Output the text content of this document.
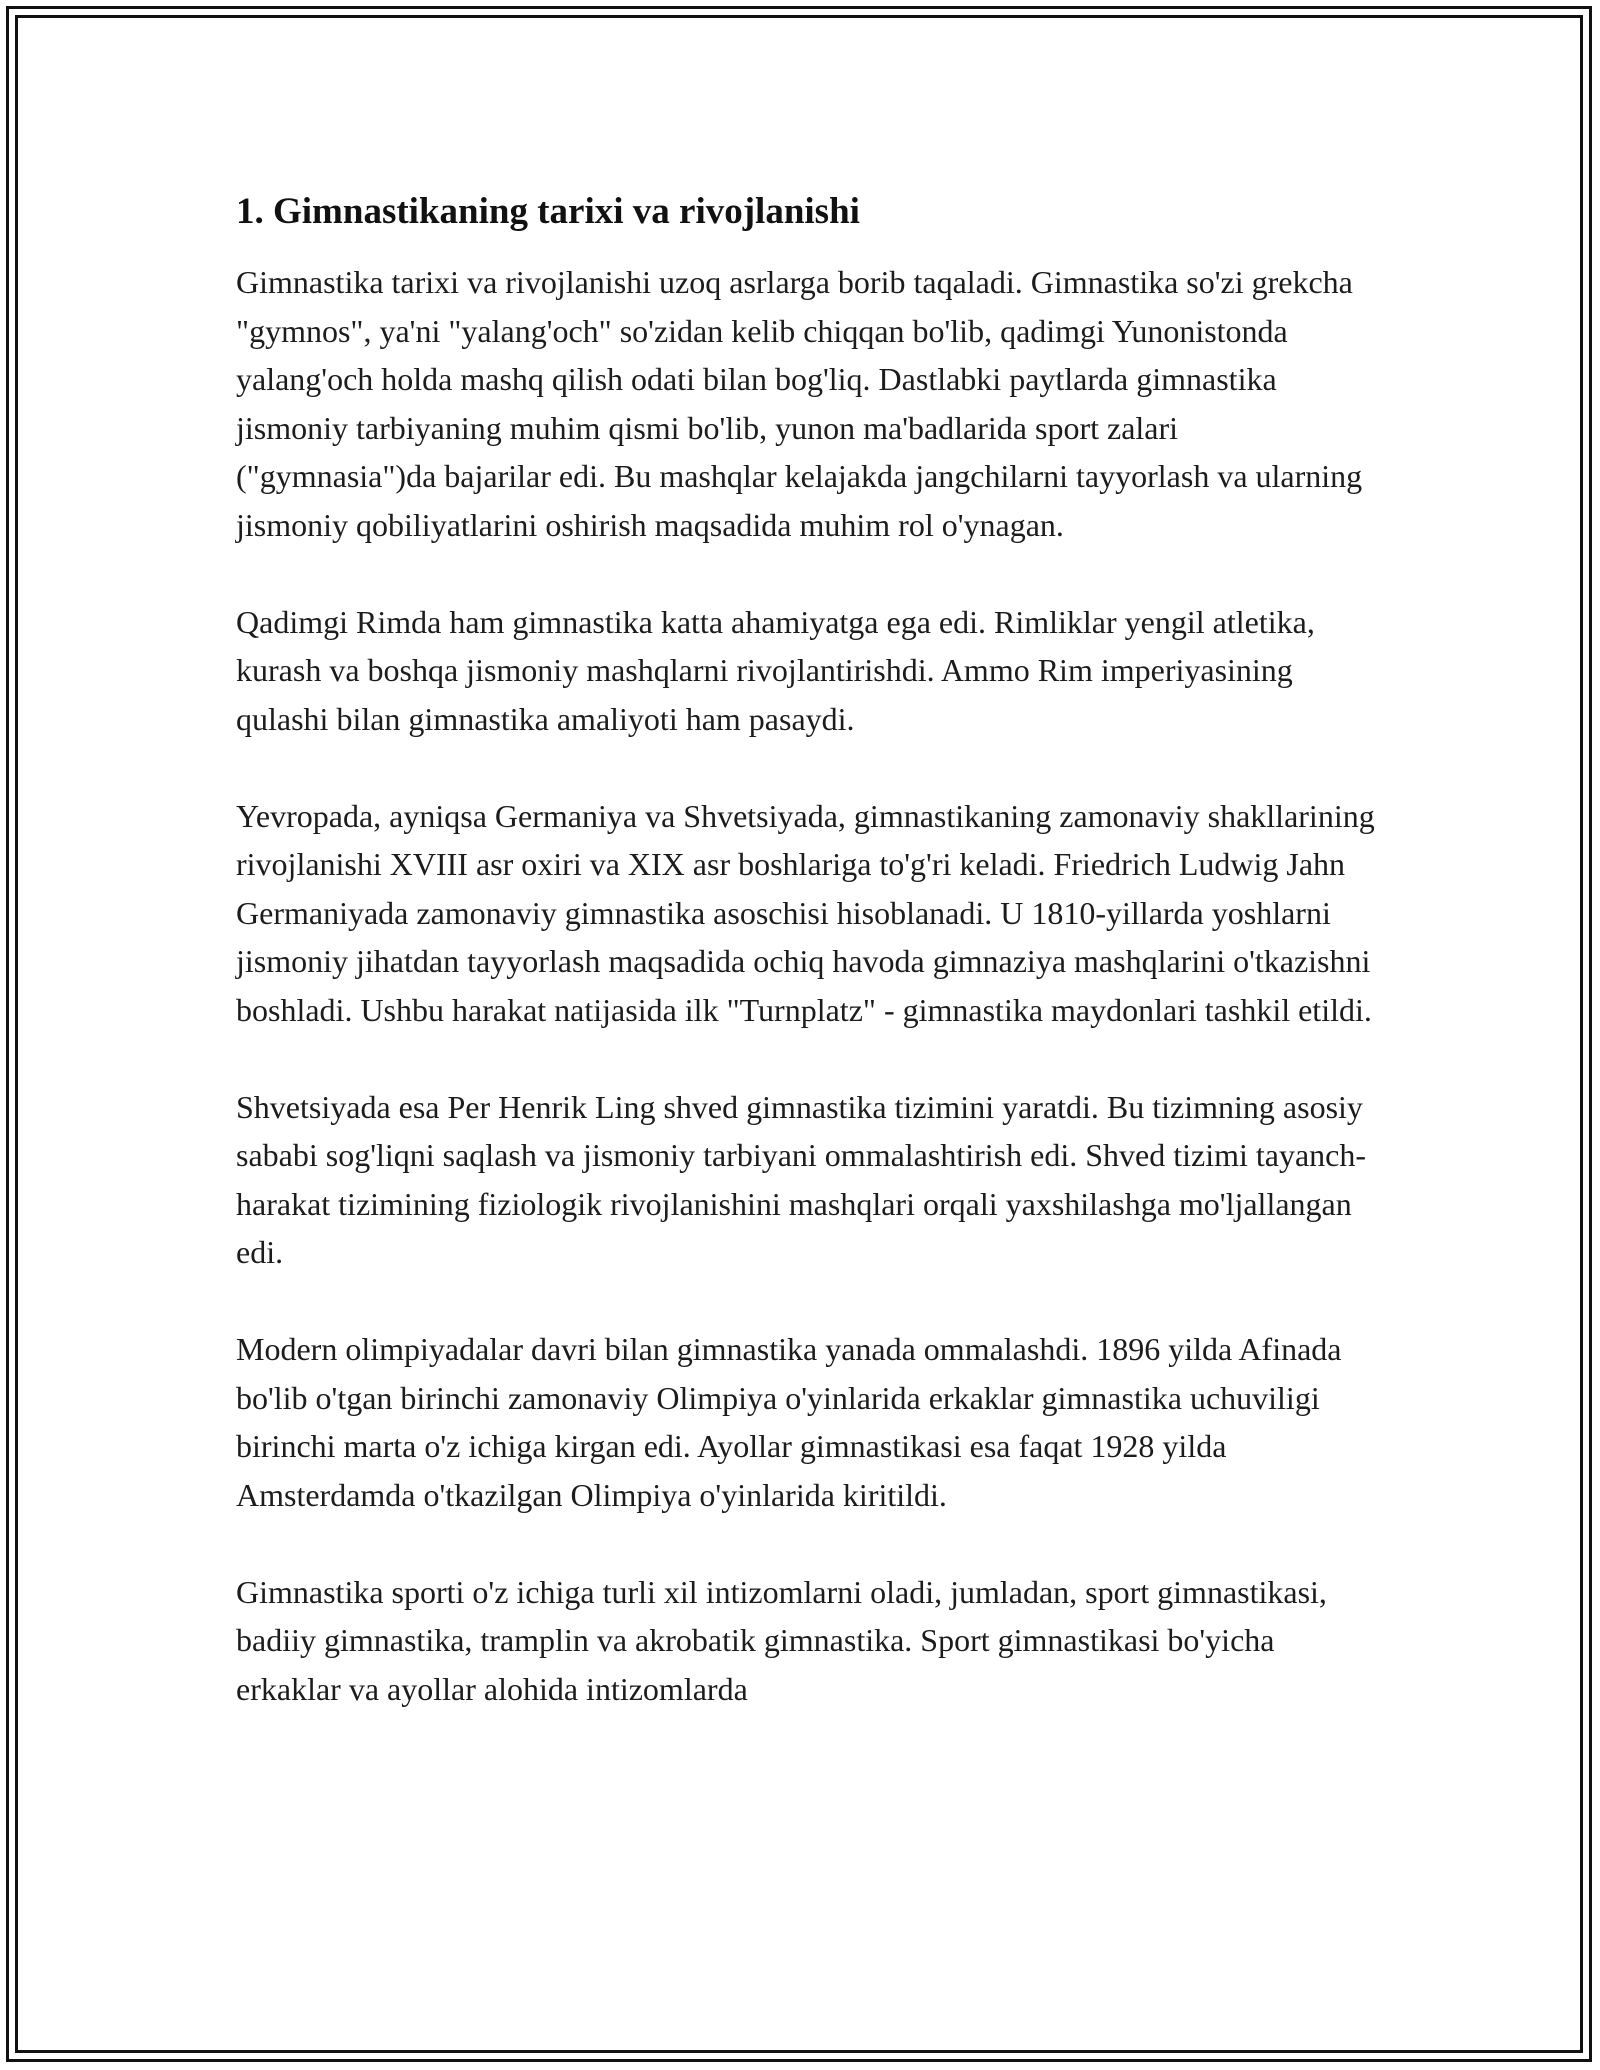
1. Gimnastikaning tarixi va rivojlanishi

Gimnastika tarixi va rivojlanishi uzoq asrlarga borib taqaladi. Gimnastika so'zi grekcha "gymnos", ya'ni "yalang'och" so'zidan kelib chiqqan bo'lib, qadimgi Yunonistonda yalang'och holda mashq qilish odati bilan bog'liq. Dastlabki paytlarda gimnastika jismoniy tarbiyaning muhim qismi bo'lib, yunon ma'badlarida sport zalari ("gymnasia")da bajarilar edi. Bu mashqlar kelajakda jangchilarni tayyorlash va ularning jismoniy qobiliyatlarini oshirish maqsadida muhim rol o'ynagan.

Qadimgi Rimda ham gimnastika katta ahamiyatga ega edi. Rimliklar yengil atletika, kurash va boshqa jismoniy mashqlarni rivojlantirishdi. Ammo Rim imperiyasining qulashi bilan gimnastika amaliyoti ham pasaydi.

Yevropada, ayniqsa Germaniya va Shvetsiyada, gimnastikaning zamonaviy shakllarining rivojlanishi XVIII asr oxiri va XIX asr boshlariga to'g'ri keladi. Friedrich Ludwig Jahn Germaniyada zamonaviy gimnastika asoschisi hisoblanadi. U 1810-yillarda yoshlarni jismoniy jihatdan tayyorlash maqsadida ochiq havoda gimnaziya mashqlarini o'tkazishni boshladi. Ushbu harakat natijasida ilk "Turnplatz" - gimnastika maydonlari tashkil etildi.

Shvetsiyada esa Per Henrik Ling shved gimnastika tizimini yaratdi. Bu tizimning asosiy sababi sog'liqni saqlash va jismoniy tarbiyani ommalashtirish edi. Shved tizimi tayanch-harakat tizimining fiziologik rivojlanishini mashqlari orqali yaxshilashga mo'ljallangan edi.

Modern olimpiyadalar davri bilan gimnastika yanada ommalashdi. 1896 yilda Afinada bo'lib o'tgan birinchi zamonaviy Olimpiya o'yinlarida erkaklar gimnastika uchuviligi birinchi marta o'z ichiga kirgan edi. Ayollar gimnastikasi esa faqat 1928 yilda Amsterdamda o'tkazilgan Olimpiya o'yinlarida kiritildi.

Gimnastika sporti o'z ichiga turli xil intizomlarni oladi, jumladan, sport gimnastikasi, badiiy gimnastika, tramplin va akrobatik gimnastika. Sport gimnastikasi bo'yicha erkaklar va ayollar alohida intizomlarda
